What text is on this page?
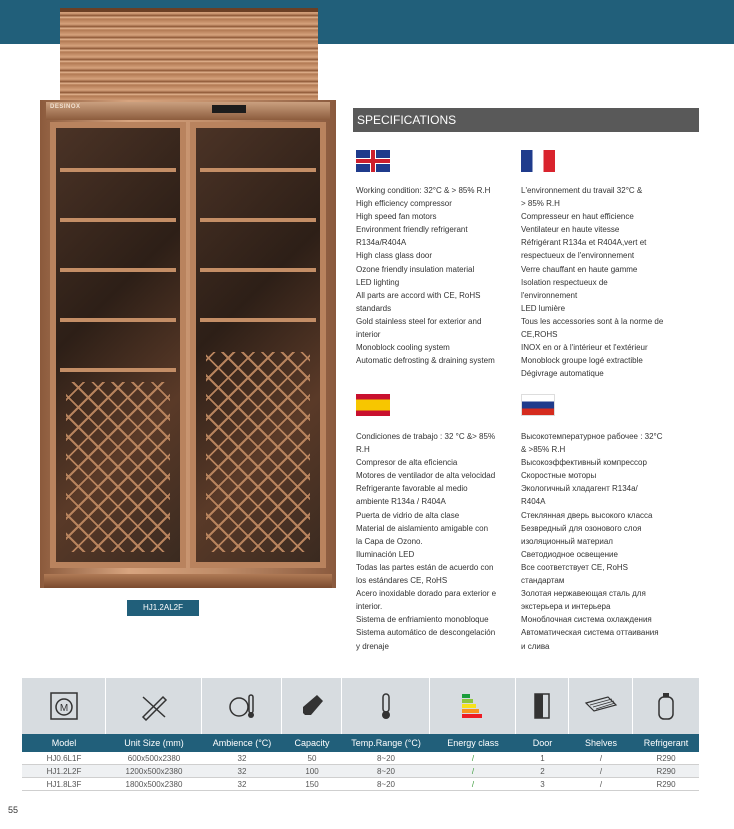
DESINOX
HJ1.2AL2F
SPECIFICATIONS
Working condition: 32°C & > 85% R.H
High efficiency compressor
High speed fan motors
Environment friendly refrigerant
R134a/R404A
High class glass door
Ozone friendly insulation material
LED lighting
All parts are accord with CE, RoHS
standards
Gold stainless steel for exterior and
interior
Monoblock cooling system
Automatic defrosting & draining system
L'environnement du travail 32°C &
> 85% R.H
Compresseur en haut efficience
Ventilateur en haute vitesse
Réfrigérant R134a et R404A,vert et
respectueux de l'environnement
Verre chauffant en haute gamme
Isolation respectueux de
l'environnement
LED lumière
Tous les accessories sont à la norme de
CE,ROHS
INOX en or à l'intérieur et l'extérieur
Monoblock groupe logé extractible
Dégivrage automatique
Condiciones de trabajo : 32 °C &> 85%
R.H
Compresor de alta eficiencia
Motores de ventilador de alta velocidad
Refrigerante favorable al medio
ambiente R134a / R404A
Puerta de vidrio de alta clase
Material de aislamiento amigable con
la Capa de Ozono.
Iluminación LED
Todas las partes están de acuerdo con
los estándares CE, RoHS
Acero inoxidable dorado para exterior e
interior.
Sistema de enfriamiento monobloque
Sistema automático de descongelación
y drenaje
Высокотемпературное рабочее : 32°C
& >85% R.H
Высокоэффективный компрессор
Скоростные моторы
Экологичный хладагент R134a/
R404A
Стеклянная дверь высокого класса
Безвредный для озонового слоя
изоляционный материал
Светодиодное освещение
Все соответствует CE, RoHS
стандартам
Золотая нержавеющая сталь для
экстерьера и интерьера
Моноблочная система охлаждения
Автоматическая система оттаивания
и слива
M
Model	Unit Size (mm)	Ambience (°C)	Capacity	Temp.Range (°C)	Energy class	Door	Shelves	Refrigerant
HJ0.6L1F	600x500x2380	32	50	8~20	/	1	/	R290
HJ1.2L2F	1200x500x2380	32	100	8~20	/	2	/	R290
HJ1.8L3F	1800x500x2380	32	150	8~20	/	3	/	R290
55
